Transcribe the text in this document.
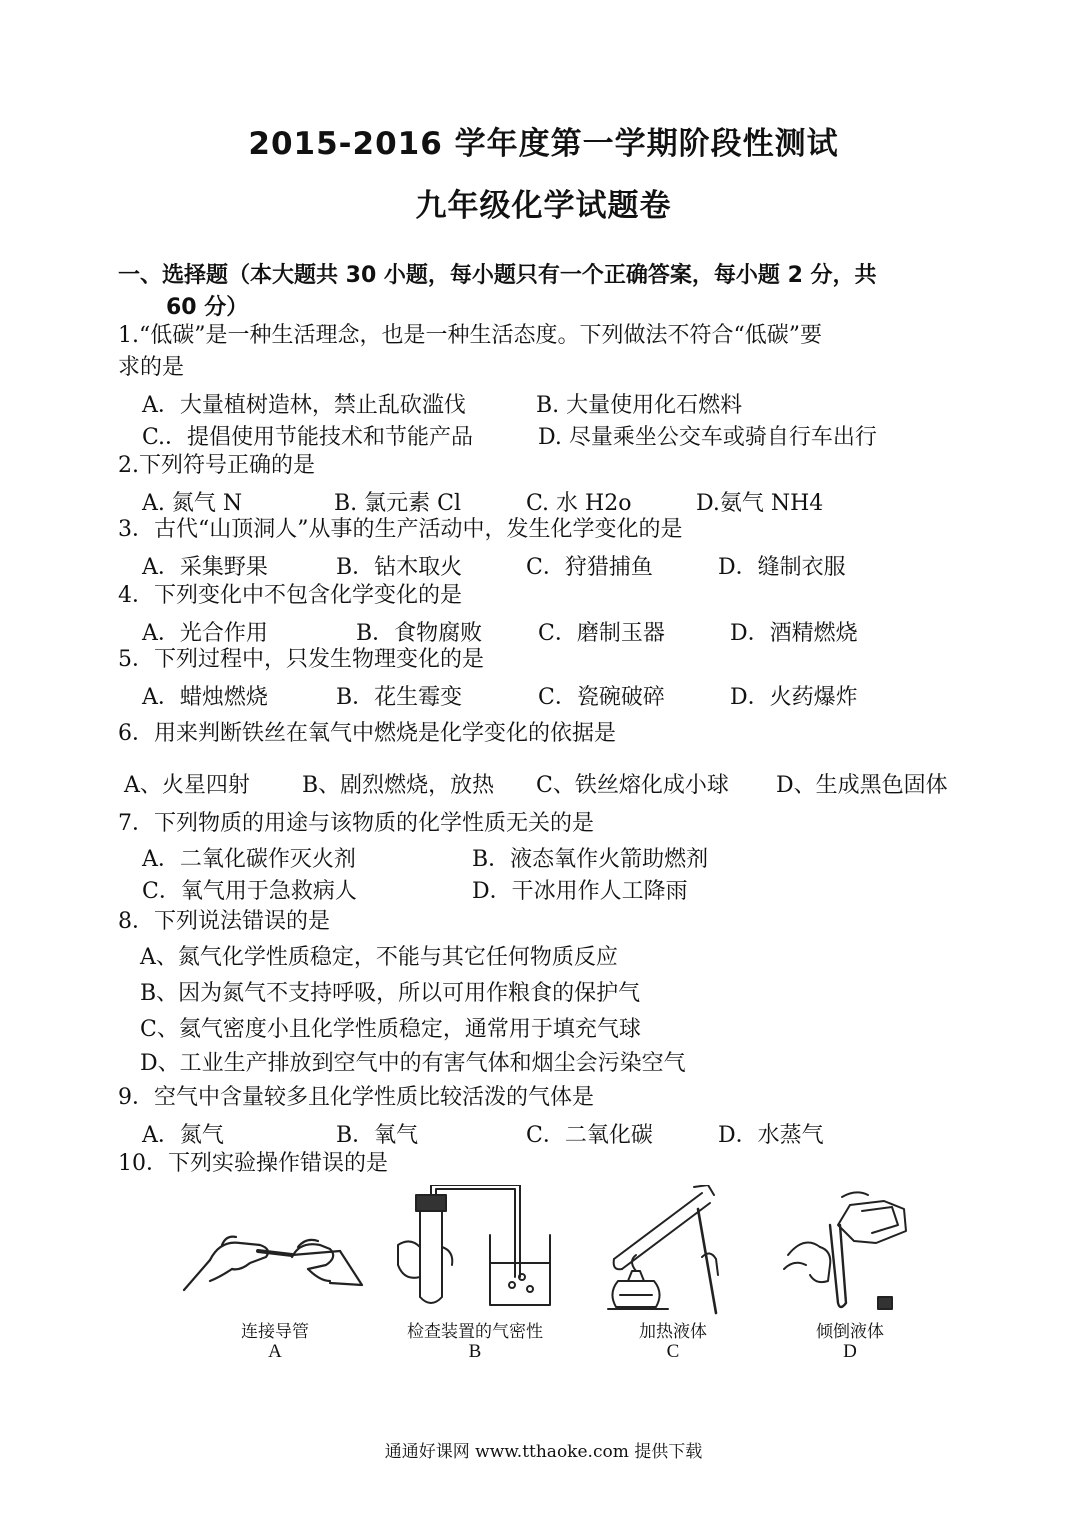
2015-2016 学年度第一学期阶段性测试
九年级化学试题卷
一、选择题（本大题共 30 小题，每小题只有一个正确答案，每小题 2 分，共
60 分）
1.“低碳”是一种生活理念，也是一种生活态度。下列做法不符合“低碳”要
求的是
A．大量植树造林，禁止乱砍滥伐	B. 大量使用化石燃料
C.．提倡使用节能技术和节能产品	D. 尽量乘坐公交车或骑自行车出行
2.下列符号正确的是
A. 氮气 N	B. 氯元素 Cl	C. 水 H2o	D.氨气 NH4
3．古代“山顶洞人”从事的生产活动中，发生化学变化的是
A．采集野果	B．钻木取火	C．狩猎捕鱼	D．缝制衣服
4．下列变化中不包含化学变化的是
A．光合作用	B．食物腐败	C．磨制玉器	D．酒精燃烧
5．下列过程中，只发生物理变化的是
A．蜡烛燃烧	B．花生霉变	C．瓷碗破碎	D．火药爆炸
6．用来判断铁丝在氧气中燃烧是化学变化的依据是
A、火星四射 B、剧烈燃烧，放热 C、铁丝熔化成小球 D、生成黑色固体
7．下列物质的用途与该物质的化学性质无关的是
A．二氧化碳作灭火剂	B．液态氧作火箭助燃剂
C．氧气用于急救病人	D．干冰用作人工降雨
8．下列说法错误的是
A、氮气化学性质稳定，不能与其它任何物质反应
B、因为氮气不支持呼吸，所以可用作粮食的保护气
C、氦气密度小且化学性质稳定，通常用于填充气球
D、工业生产排放到空气中的有害气体和烟尘会污染空气
9．空气中含量较多且化学性质比较活泼的气体是
A．氮气	B．氧气	C．二氧化碳	D．水蒸气
10．下列实验操作错误的是
连接导管
A
检查装置的气密性
B
加热液体
C
倾倒液体
D
通通好课网 www.tthaoke.com 提供下载
